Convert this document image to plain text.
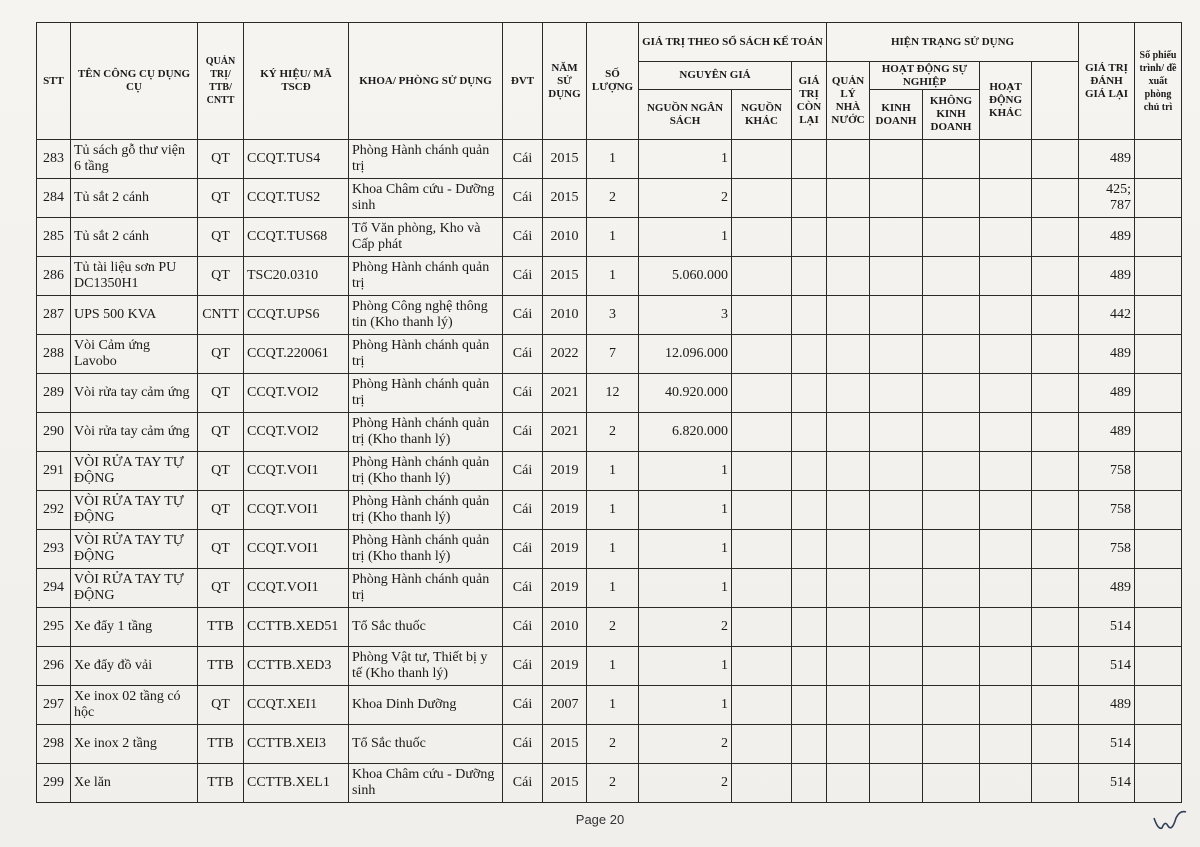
STT	TÊN CÔNG CỤ DỤNG CỤ	QUẢN TRỊ/ TTB/ CNTT	KÝ HIỆU/ MÃ TSCĐ	KHOA/ PHÒNG SỬ DỤNG	ĐVT	NĂM SỬ DỤNG	SỐ LƯỢNG	GIÁ TRỊ THEO SỔ SÁCH KẾ TOÁN			HIỆN TRẠNG SỬ DỤNG					GIÁ TRỊ ĐÁNH GIÁ LẠI	Số phiếu trình/ đề xuất phòng chủ trì	
								NGUYÊN GIÁ		GIÁ TRỊ CÒN LẠI	QUẢN LÝ NHÀ NƯỚC	HOẠT ĐỘNG SỰ NGHIỆP		HOẠT ĐỘNG KHÁC				
								NGUỒN NGÂN SÁCH	NGUỒN KHÁC			KINH DOANH	KHÔNG KINH DOANH					
283	Tủ sách gỗ thư viện 6 tầng	QT	CCQT.TUS4	Phòng Hành chánh quản trị	Cái	2015	1	1								489		
284	Tủ sắt 2 cánh	QT	CCQT.TUS2	Khoa Châm cứu - Dưỡng sinh	Cái	2015	2	2								425; 787		
285	Tủ sắt 2 cánh	QT	CCQT.TUS68	Tổ Văn phòng, Kho và Cấp phát	Cái	2010	1	1								489		
286	Tủ tài liệu sơn PU DC1350H1	QT	TSC20.0310	Phòng Hành chánh quản trị	Cái	2015	1	5.060.000								489		
287	UPS 500 KVA	CNTT	CCQT.UPS6	Phòng Công nghệ thông tin (Kho thanh lý)	Cái	2010	3	3								442		
288	Vòi Cảm ứng Lavobo	QT	CCQT.220061	Phòng Hành chánh quản trị	Cái	2022	7	12.096.000								489		
289	Vòi rửa tay cảm ứng	QT	CCQT.VOI2	Phòng Hành chánh quản trị	Cái	2021	12	40.920.000								489		
290	Vòi rửa tay cảm ứng	QT	CCQT.VOI2	Phòng Hành chánh quản trị (Kho thanh lý)	Cái	2021	2	6.820.000								489		
291	VÒI RỬA TAY TỰ ĐỘNG	QT	CCQT.VOI1	Phòng Hành chánh quản trị (Kho thanh lý)	Cái	2019	1	1								758		
292	VÒI RỬA TAY TỰ ĐỘNG	QT	CCQT.VOI1	Phòng Hành chánh quản trị (Kho thanh lý)	Cái	2019	1	1								758		
293	VÒI RỬA TAY TỰ ĐỘNG	QT	CCQT.VOI1	Phòng Hành chánh quản trị (Kho thanh lý)	Cái	2019	1	1								758		
294	VÒI RỬA TAY TỰ ĐỘNG	QT	CCQT.VOI1	Phòng Hành chánh quản trị	Cái	2019	1	1								489		
295	Xe đẩy 1 tầng	TTB	CCTTB.XED51	Tổ Sắc thuốc	Cái	2010	2	2								514		
296	Xe đẩy đồ vải	TTB	CCTTB.XED3	Phòng Vật tư, Thiết bị y tế (Kho thanh lý)	Cái	2019	1	1								514		
297	Xe inox 02 tầng có hộc	QT	CCQT.XEI1	Khoa Dinh Dưỡng	Cái	2007	1	1								489		
298	Xe inox 2 tầng	TTB	CCTTB.XEI3	Tổ Sắc thuốc	Cái	2015	2	2								514		
299	Xe lăn	TTB	CCTTB.XEL1	Khoa Châm cứu - Dưỡng sinh	Cái	2015	2	2								514		
Page 20
